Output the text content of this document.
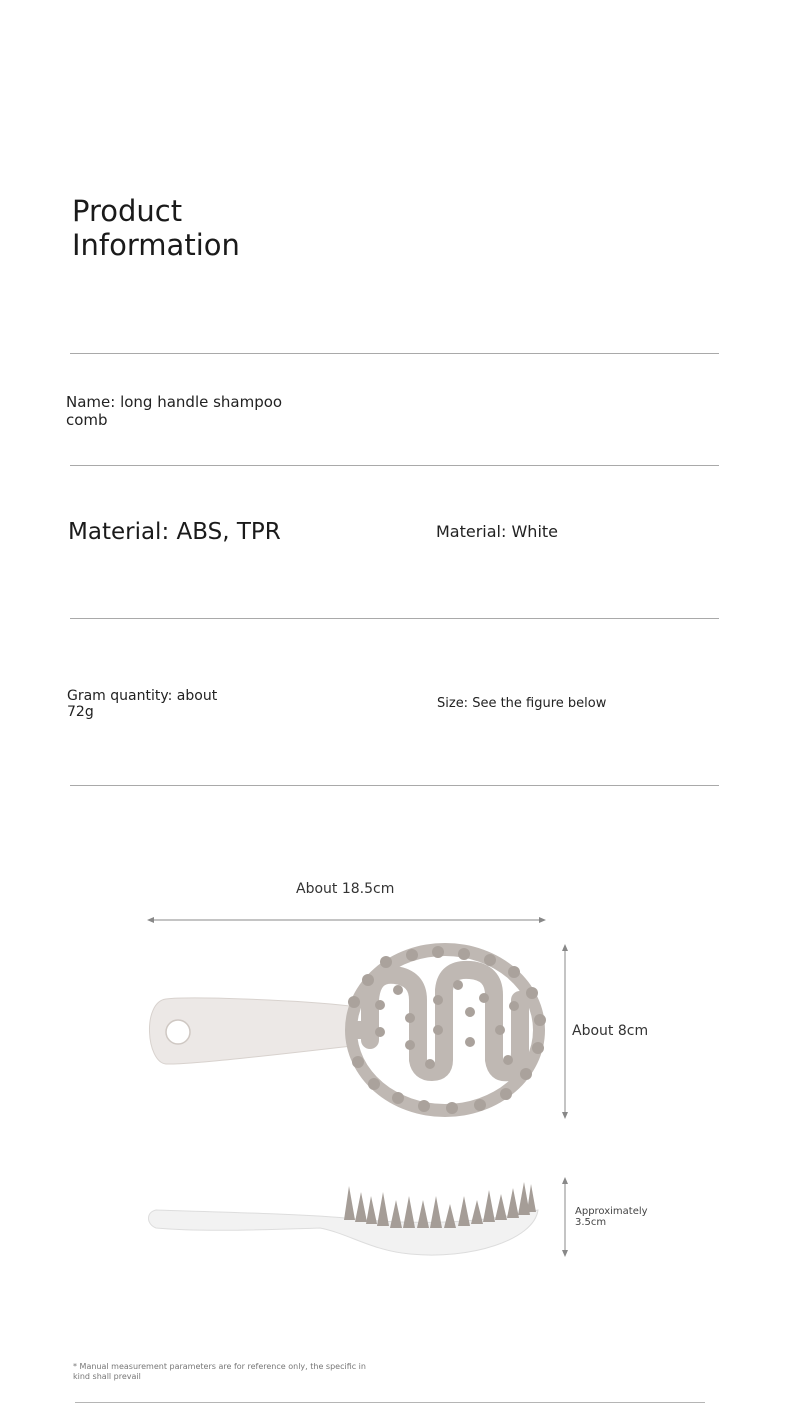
Product Information
Name: long handle shampoo comb
Material: ABS, TPR	Material: White
Gram quantity: about 72g
Size: See the figure below
About 18.5cm
About 8cm
Approximately 3.5cm
* Manual measurement parameters are for reference only, the specific in kind shall prevail
